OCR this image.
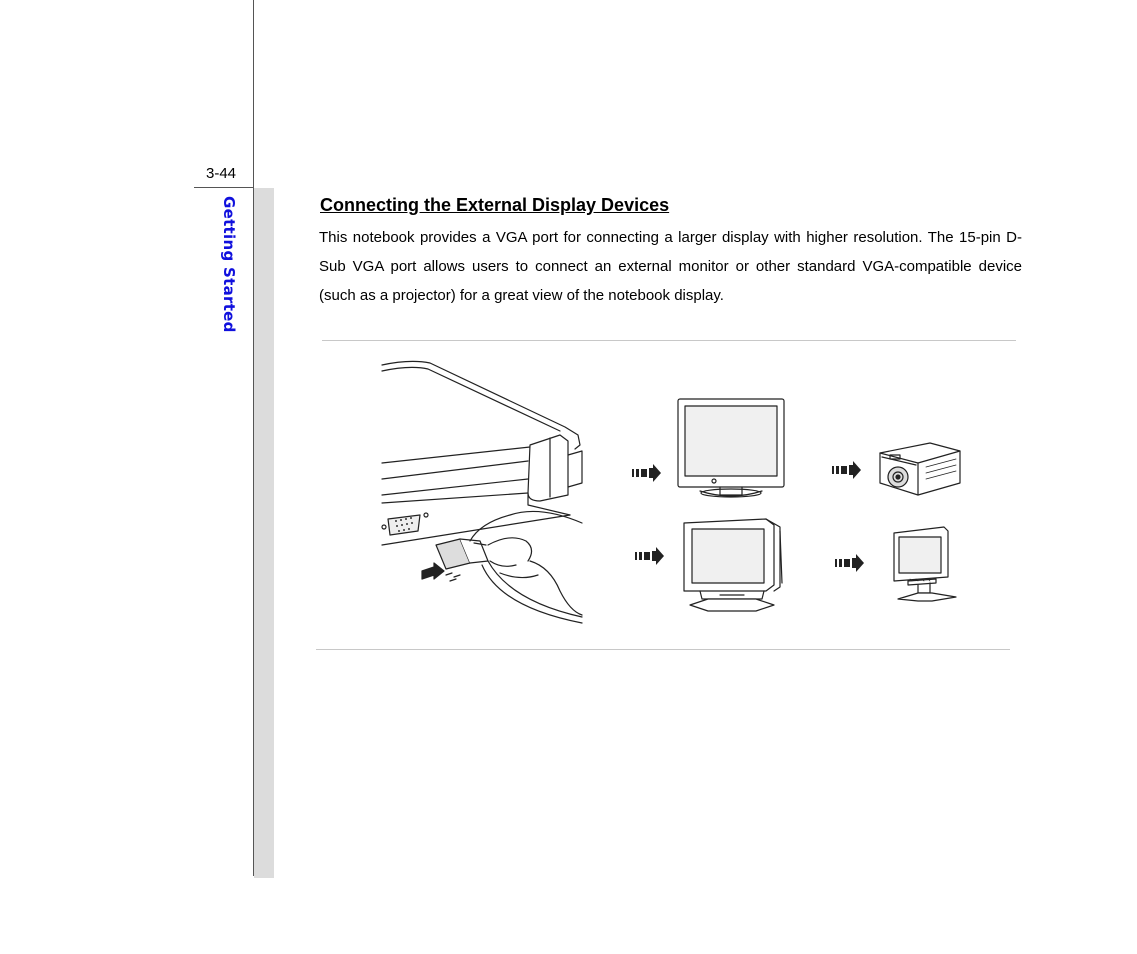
3-44
Getting Started	Connecting the External Display Devices
This notebook provides a VGA port for connecting a larger display with higher resolution. The 15-pin D-Sub VGA port allows users to connect an external monitor or other standard VGA-compatible device (such as a projector) for a great view of the notebook display.
